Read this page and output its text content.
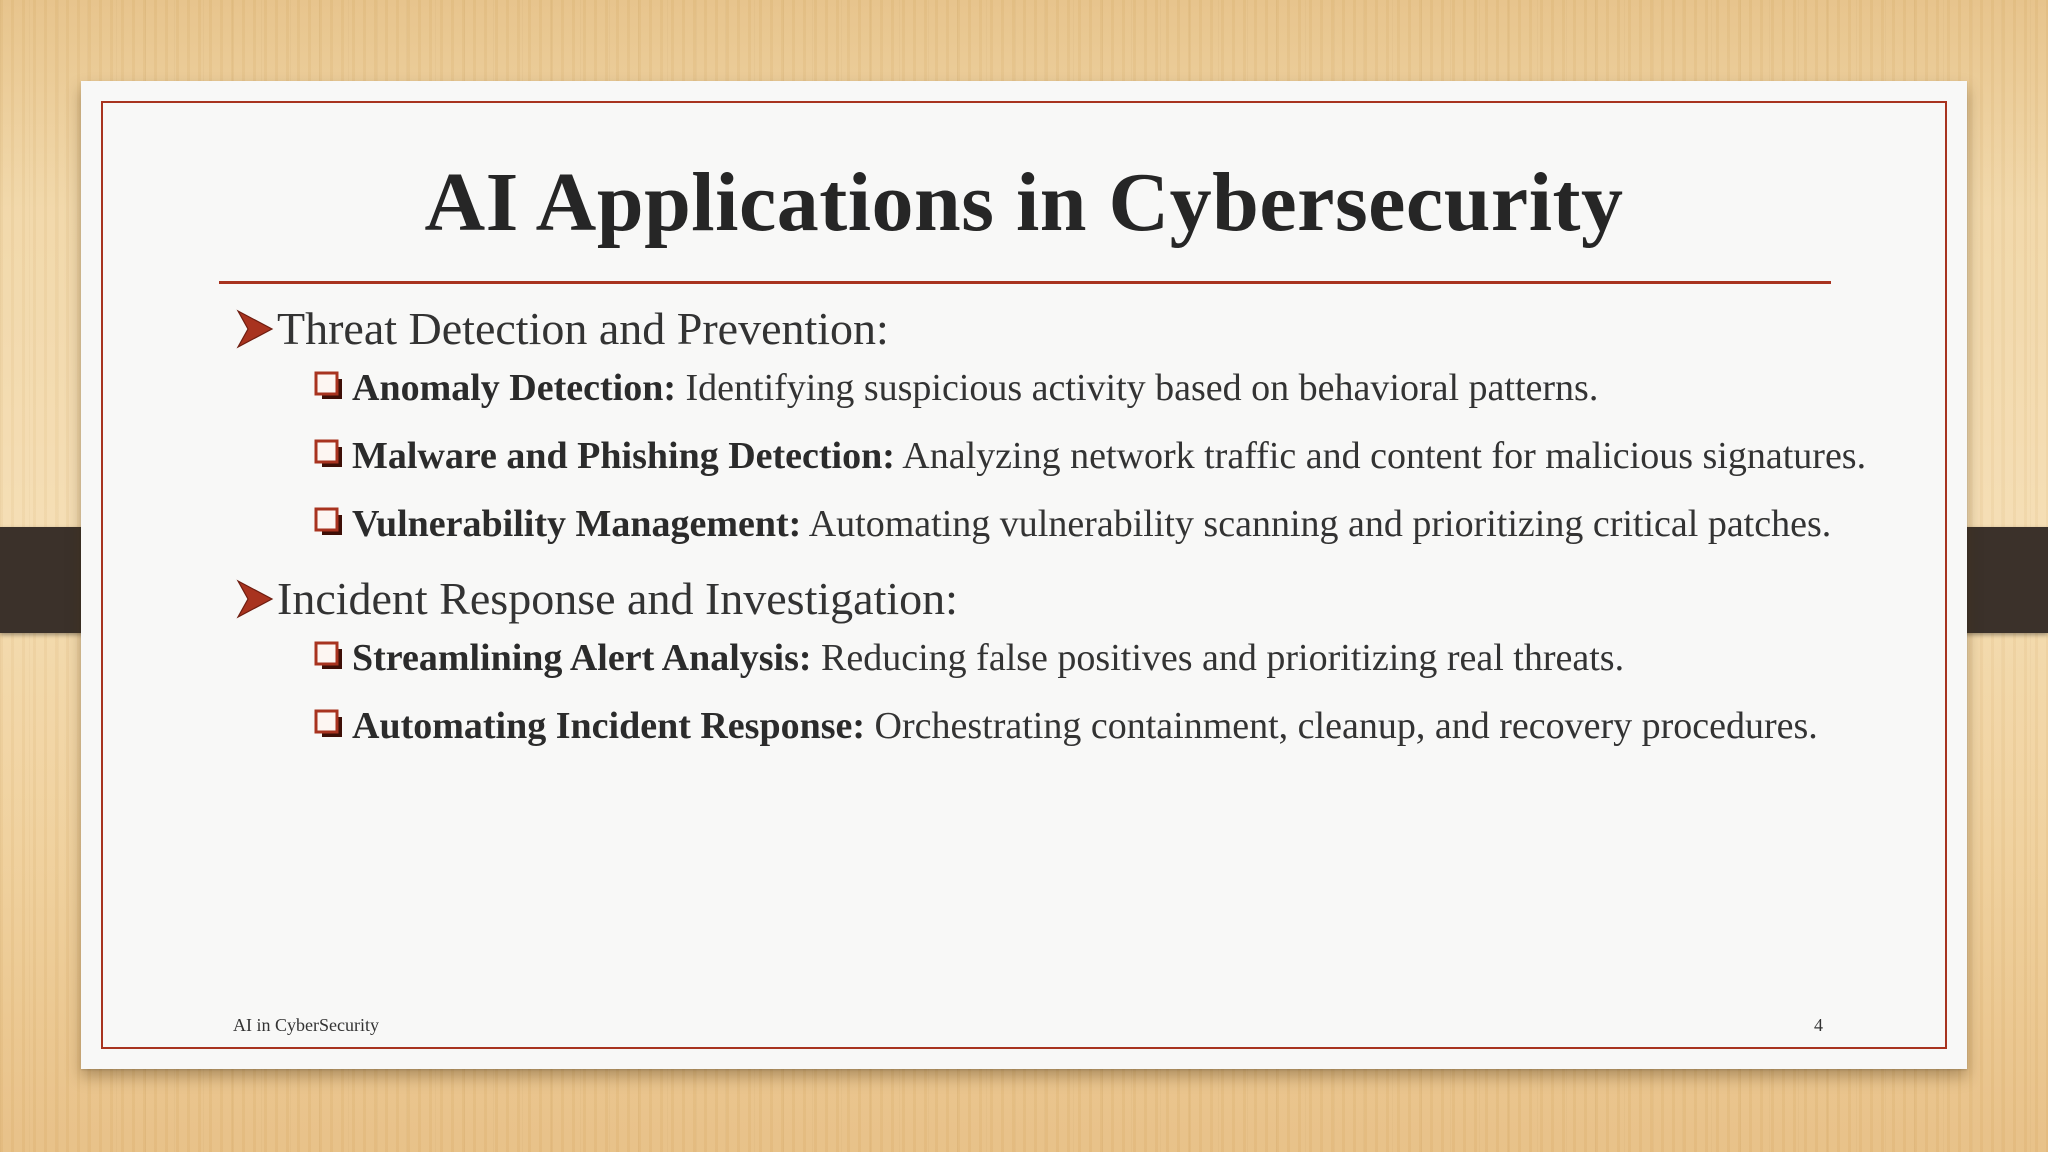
AI Applications in Cybersecurity
Threat Detection and Prevention:
Anomaly Detection: Identifying suspicious activity based on behavioral patterns.
Malware and Phishing Detection: Analyzing network traffic and content for malicious signatures.
Vulnerability Management: Automating vulnerability scanning and prioritizing critical patches.
Incident Response and Investigation:
Streamlining Alert Analysis: Reducing false positives and prioritizing real threats.
Automating Incident Response: Orchestrating containment, cleanup, and recovery procedures.
AI in CyberSecurity	4
